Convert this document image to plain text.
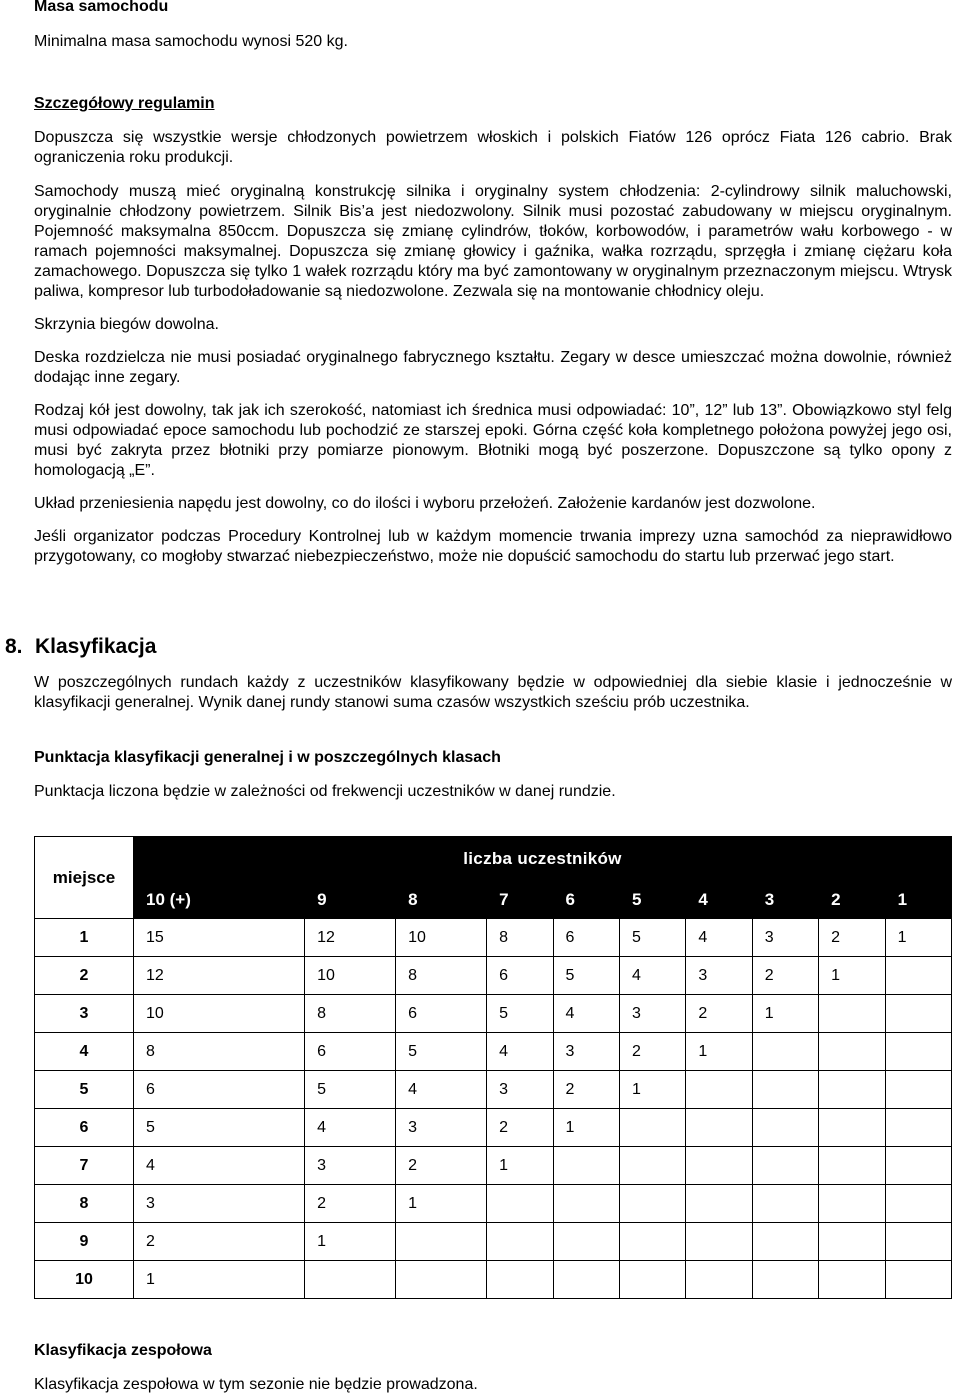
Masa samochodu

Minimalna masa samochodu wynosi 520 kg.

Szczegółowy regulamin

Dopuszcza się wszystkie wersje chłodzonych powietrzem włoskich i polskich Fiatów 126 oprócz Fiata 126 cabrio. Brak ograniczenia roku produkcji.

Samochody muszą mieć oryginalną konstrukcję silnika i oryginalny system chłodzenia: 2-cylindrowy silnik maluchowski, oryginalnie chłodzony powietrzem. Silnik Bis’a jest niedozwolony. Silnik musi pozostać zabudowany w miejscu oryginalnym. Pojemność maksymalna 850ccm. Dopuszcza się zmianę cylindrów, tłoków, korbowodów, i parametrów wału korbowego - w ramach pojemności maksymalnej. Dopuszcza się zmianę głowicy i gaźnika, wałka rozrządu, sprzęgła i zmianę ciężaru koła zamachowego. Dopuszcza się tylko 1 wałek rozrządu który ma być zamontowany w oryginalnym przeznaczonym miejscu. Wtrysk paliwa, kompresor lub turbodoładowanie są niedozwolone. Zezwala się na montowanie chłodnicy oleju.

Skrzynia biegów dowolna.

Deska rozdzielcza nie musi posiadać oryginalnego fabrycznego kształtu. Zegary w desce umieszczać można dowolnie, również dodając inne zegary.

Rodzaj kół jest dowolny, tak jak ich szerokość, natomiast ich średnica musi odpowiadać: 10”, 12” lub 13”. Obowiązkowo styl felg musi odpowiadać epoce samochodu lub pochodzić ze starszej epoki. Górna część koła kompletnego położona powyżej jego osi, musi być zakryta przez błotniki przy pomiarze pionowym. Błotniki mogą być poszerzone. Dopuszczone są tylko opony z homologacją „E”.

Układ przeniesienia napędu jest dowolny, co do ilości i wyboru przełożeń. Założenie kardanów jest dozwolone.

Jeśli organizator podczas Procedury Kontrolnej lub w każdym momencie trwania imprezy uzna samochód za nieprawidłowo przygotowany, co mogłoby stwarzać niebezpieczeństwo, może nie dopuścić samochodu do startu lub przerwać jego start.

8. Klasyfikacja

W poszczególnych rundach każdy z uczestników klasyfikowany będzie w odpowiedniej dla siebie klasie i jednocześnie w klasyfikacji generalnej. Wynik danej rundy stanowi suma czasów wszystkich sześciu prób uczestnika.

Punktacja klasyfikacji generalnej i w poszczególnych klasach

Punktacja liczona będzie w zależności od frekwencji uczestników w danej rundzie.

miejsce	liczba uczestników									
	10 (+)	9	8	7	6	5	4	3	2	1
1	15	12	10	8	6	5	4	3	2	1
2	12	10	8	6	5	4	3	2	1	
3	10	8	6	5	4	3	2	1		
4	8	6	5	4	3	2	1			
5	6	5	4	3	2	1				
6	5	4	3	2	1					
7	4	3	2	1						
8	3	2	1							
9	2	1								
10	1									

Klasyfikacja zespołowa

Klasyfikacja zespołowa w tym sezonie nie będzie prowadzona.
